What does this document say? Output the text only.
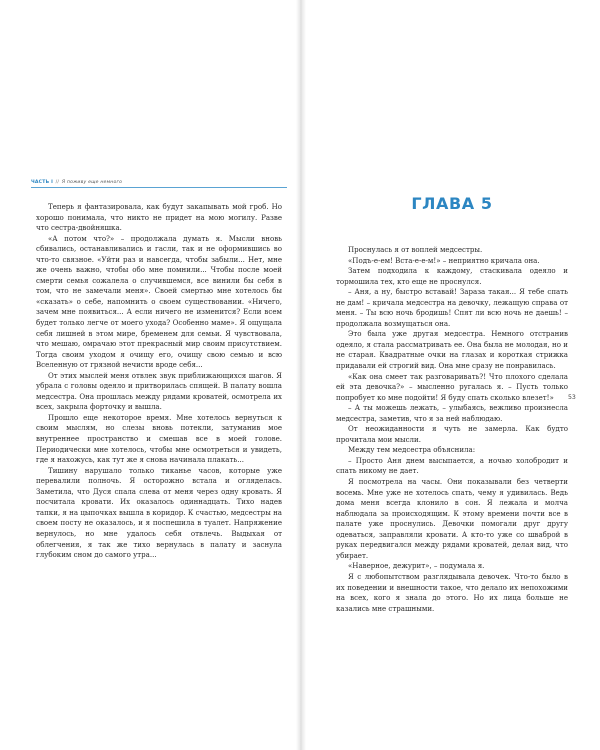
ЧАСТЬ I // Я поживу еще немного

Теперь я фантазировала, как будут закапывать мой гроб. Но хорошо понимала, что никто не придет на мою могилу. Разве что сестра-двойняшка.

«А потом что?» – продолжала думать я. Мысли вновь сбивались, останавливались и гасли, так и не оформившись во что-то связное. «Уйти раз и навсегда, чтобы забыли... Нет, мне же очень важно, чтобы обо мне помнили... Чтобы после моей смерти семья сожалела о случившемся, все винили бы себя в том, что не замечали меня». Своей смертью мне хотелось бы «сказать» о себе, напомнить о своем существовании. «Ничего, зачем мне появиться... А если ничего не изменится? Если всем будет только легче от моего ухода? Особенно маме». Я ощущала себя лишней в этом мире, бременем для семьи. Я чувствовала, что мешаю, омрачаю этот прекрасный мир своим присутствием. Тогда своим уходом я очищу его, очищу свою семью и всю Вселенную от грязной нечисти вроде себя...

От этих мыслей меня отвлек звук приближающихся шагов. Я убрала с головы одеяло и притворилась спящей. В палату вошла медсестра. Она прошлась между рядами кроватей, осмотрела их всех, закрыла форточку и вышла.

Прошло еще некоторое время. Мне хотелось вернуться к своим мыслям, но слезы вновь потекли, затуманив мое внутреннее пространство и смешав все в моей голове. Периодически мне хотелось, чтобы мне осмотреться и увидеть, где я нахожусь, как тут же я снова начинала плакать...

Тишину нарушало только тиканье часов, которые уже перевалили полночь. Я осторожно встала и огляделась. Заметила, что Дуся спала слева от меня через одну кровать. Я посчитала кровати. Их оказалось одиннадцать. Тихо надев тапки, я на цыпочках вышла в коридор. К счастью, медсестры на своем посту не оказалось, и я поспешила в туалет. Напряжение вернулось, но мне удалось себя отвлечь. Выдыхая от облегчения, я так же тихо вернулась в палату и заснула глубоким сном до самого утра...

ГЛАВА 5

Проснулась я от воплей медсестры.

«Подъ-е-ем! Вста-е-е-м!» – неприятно кричала она.

Затем подходила к каждому, стаскивала одеяло и тормошила тех, кто еще не проснулся.

– Аня, а ну, быстро вставай! Зараза такая... Я тебе спать не дам! – кричала медсестра на девочку, лежащую справа от меня. – Ты всю ночь бродишь! Спят ли всю ночь не даешь! – продолжала возмущаться она.

Это была уже другая медсестра. Немного отстранив одеяло, я стала рассматривать ее. Она была не молодая, но и не старая. Квадратные очки на глазах и короткая стрижка придавали ей строгий вид. Она мне сразу не понравилась.

«Как она смеет так разговаривать?! Что плохого сделала ей эта девочка?» – мысленно ругалась я. – Пусть только попробует ко мне подойти! Я буду спать сколько влезет!»

– А ты можешь лежать, – улыбаясь, вежливо произнесла медсестра, заметив, что я за ней наблюдаю.

От неожиданности я чуть не замерла. Как будто прочитала мои мысли.

Между тем медсестра объяснила:

– Просто Аня днем высыпается, а ночью холобродит и спать никому не дает.

Я посмотрела на часы. Они показывали без четверти восемь. Мне уже не хотелось спать, чему я удивилась. Ведь дома меня всегда клонило в сон. Я лежала и молча наблюдала за происходящим. К этому времени почти все в палате уже проснулись. Девочки помогали друг другу одеваться, заправляли кровати. А кто-то уже со шваброй в руках передвигался между рядами кроватей, делая вид, что убирает.

«Наверное, дежурит», – подумала я.

Я с любопытством разглядывала девочек. Что-то было в их поведении и внешности такое, что делало их непохожими на всех, кого я знала до этого. Но их лица больше не казались мне страшными.

53
